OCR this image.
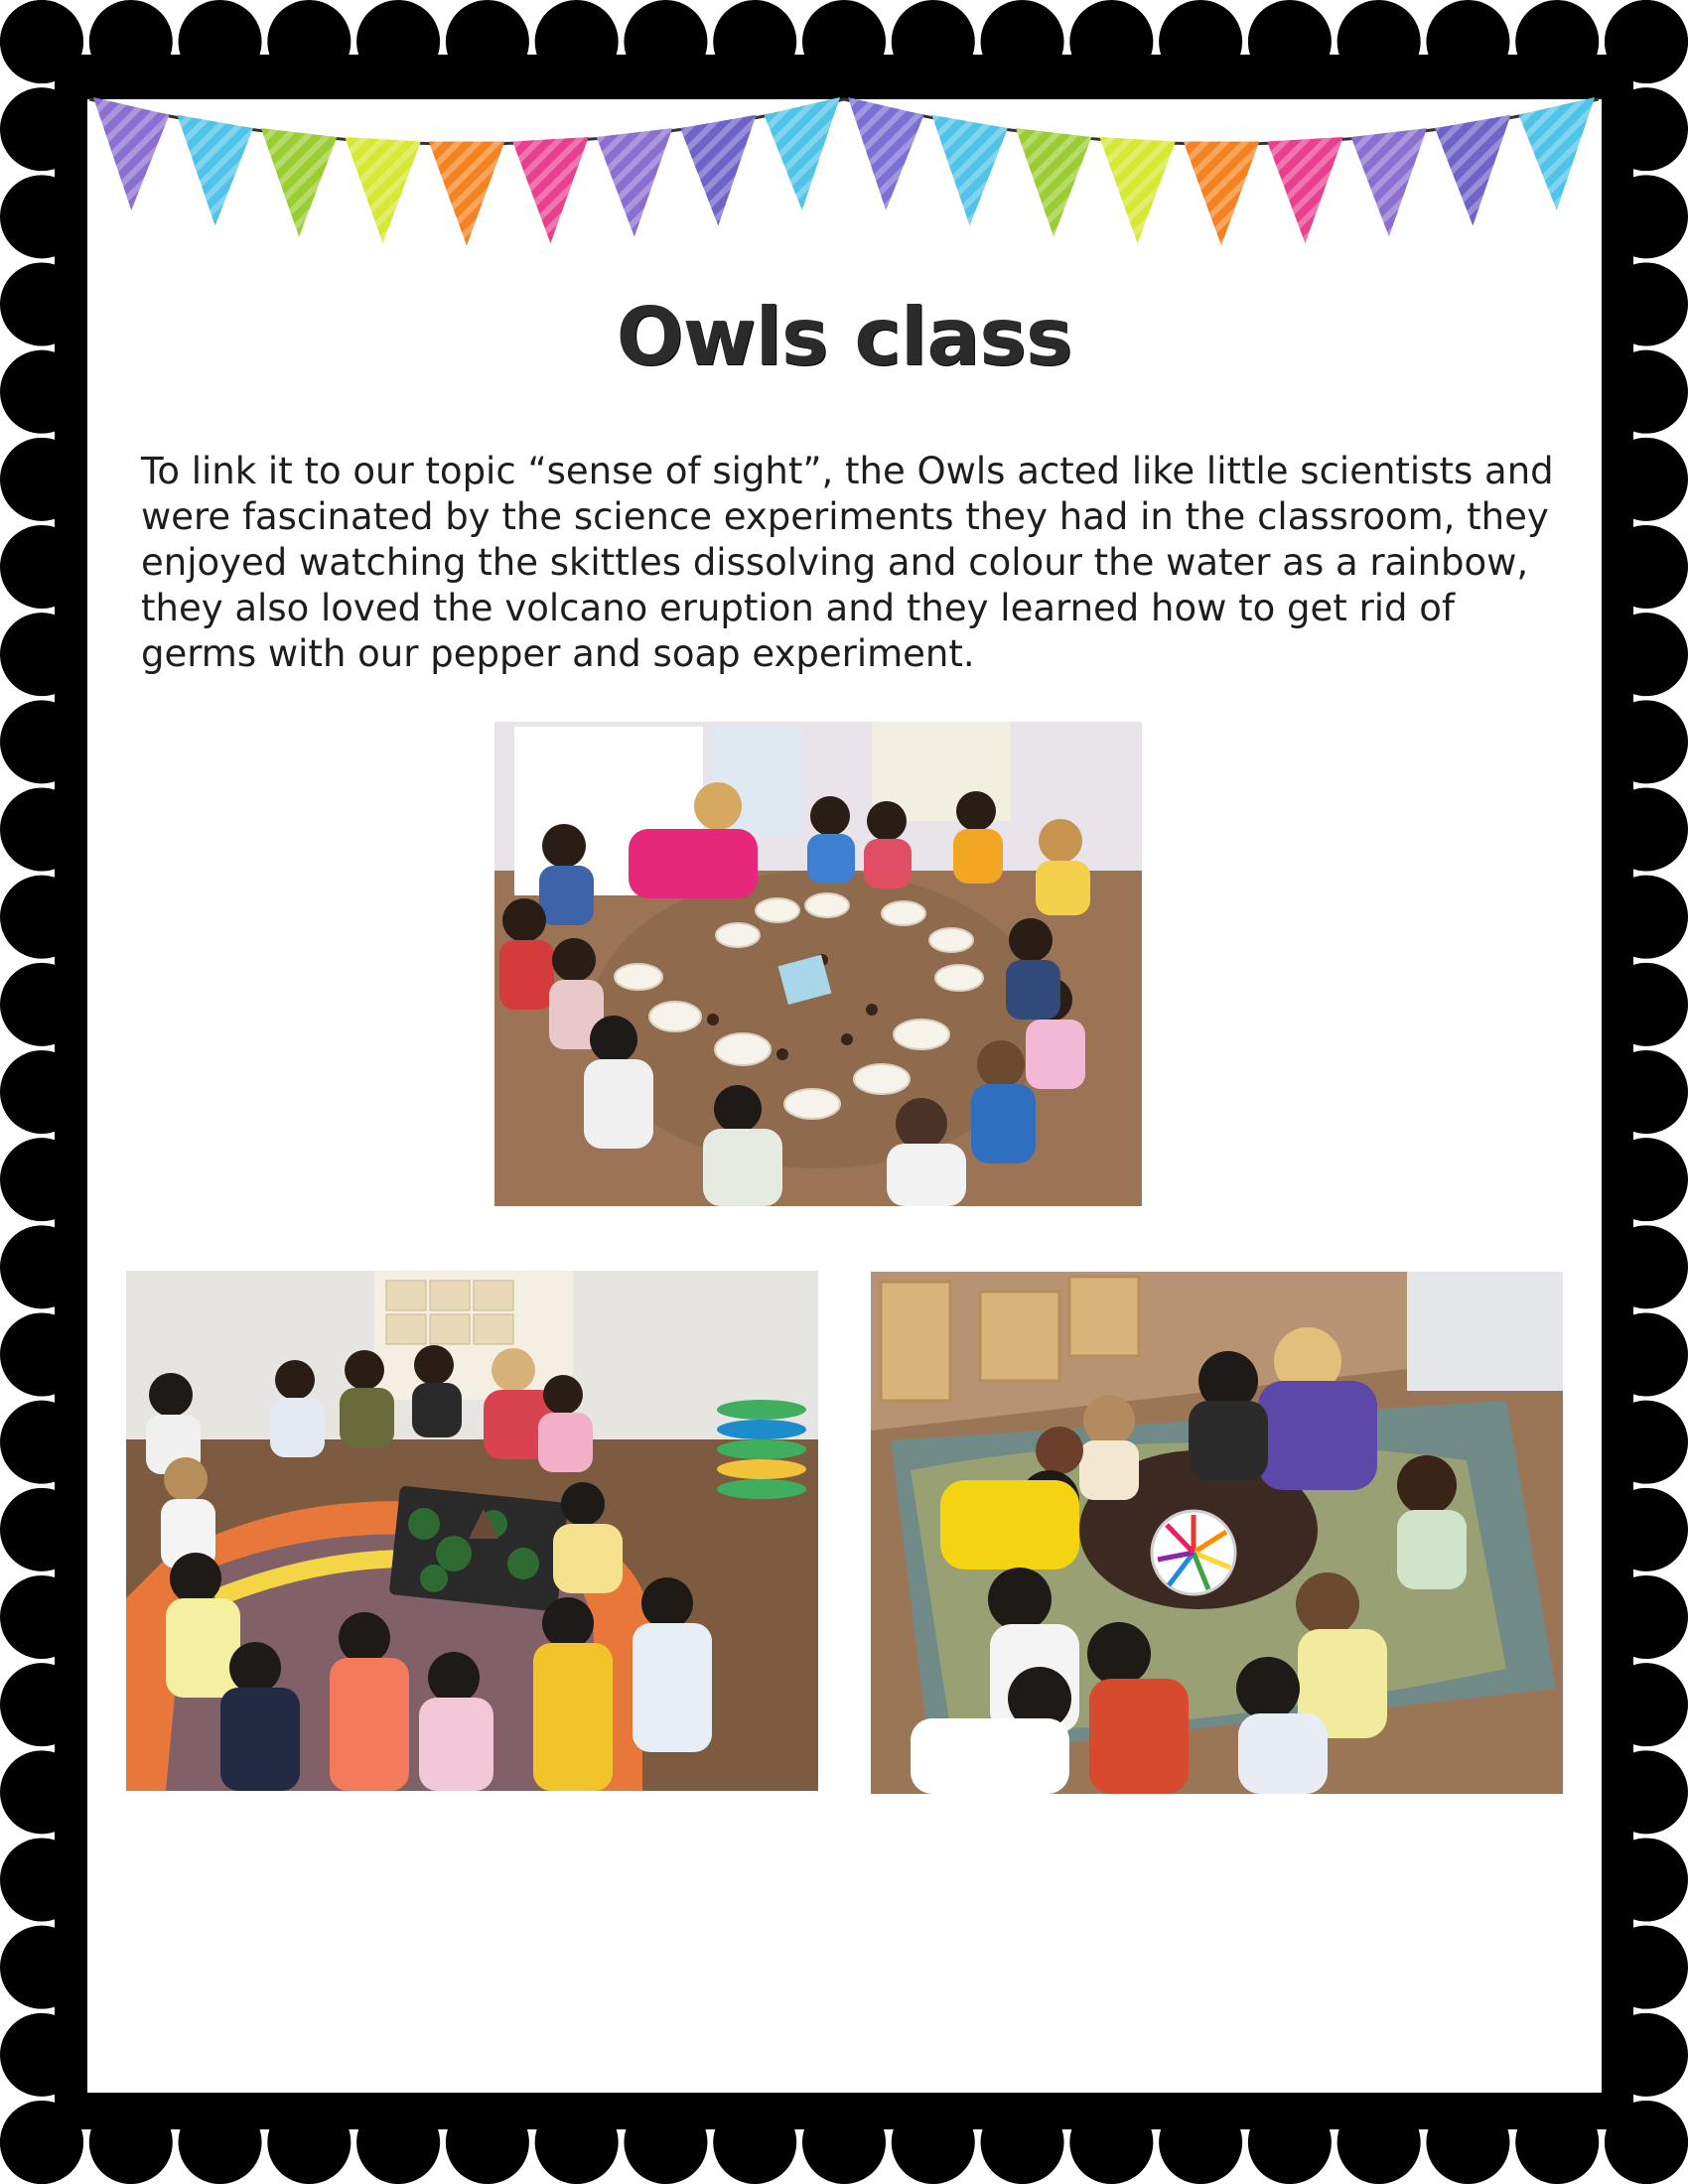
Owls class

To link it to our topic “sense of sight”, the Owls acted like little scientists and were fascinated by the science experiments they had in the classroom, they enjoyed watching the skittles dissolving and colour the water as a rainbow, they also loved the volcano eruption and they learned how to get rid of germs with our pepper and soap experiment.
